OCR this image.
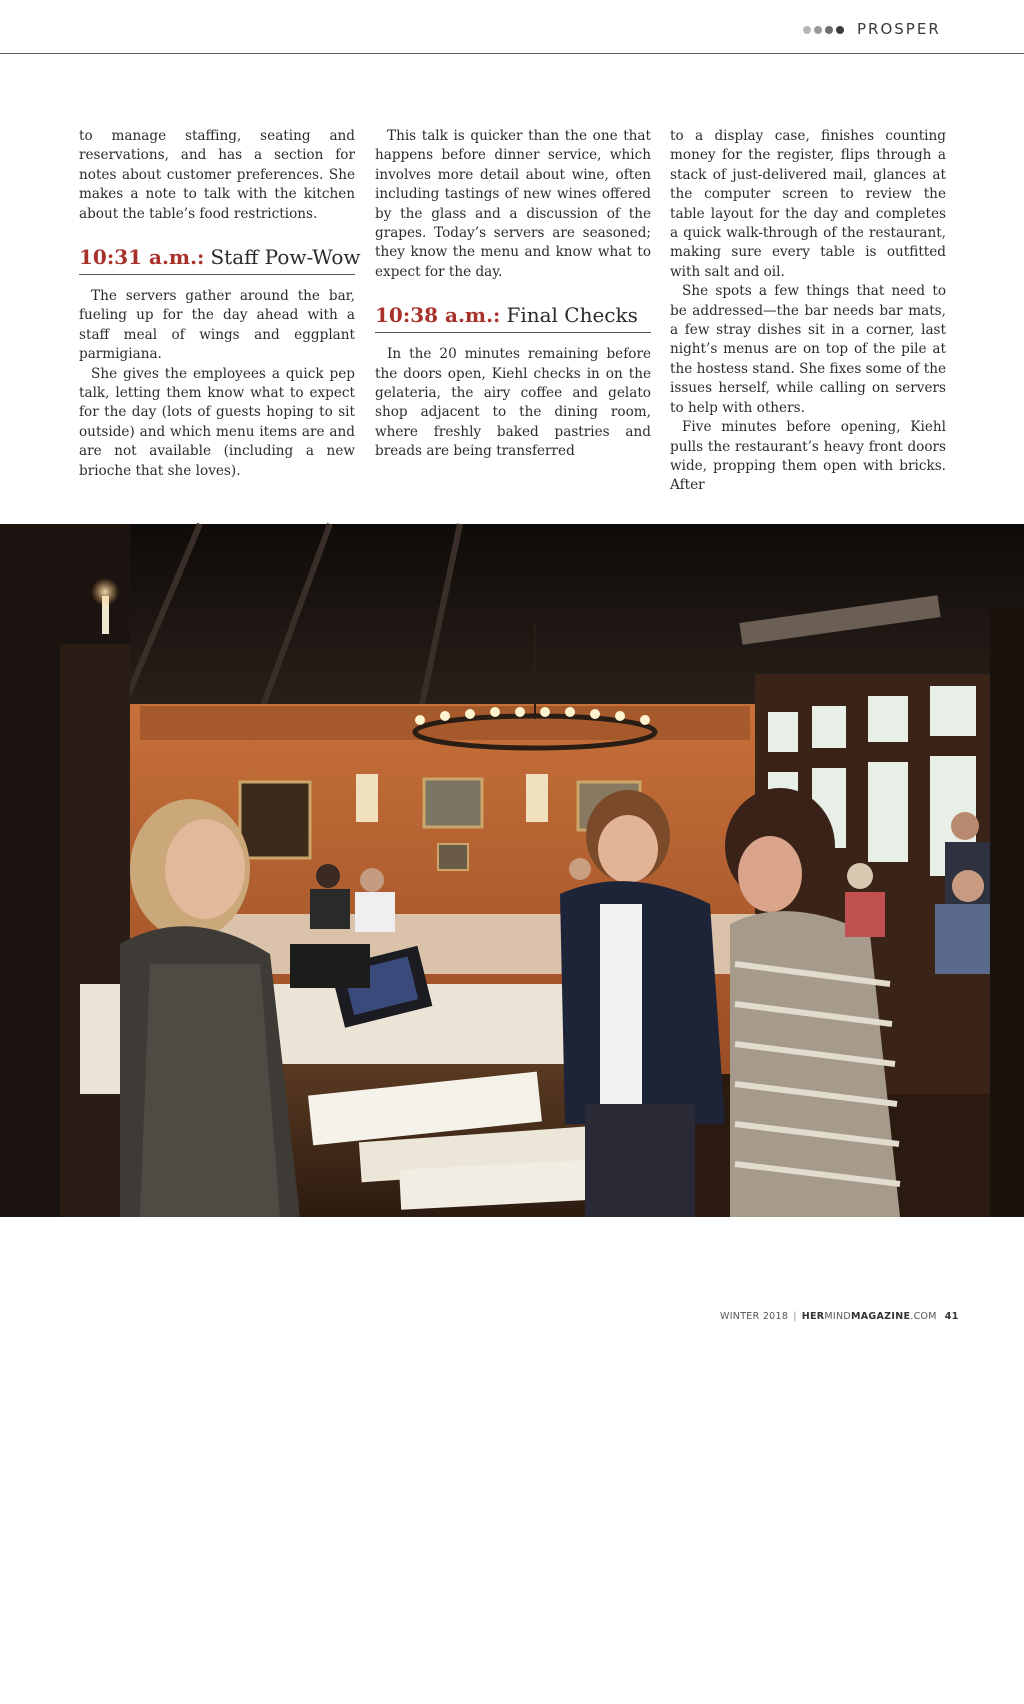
PROSPER

to manage staffing, seating and reservations, and has a section for notes about customer preferences. She makes a note to talk with the kitchen about the table’s food restrictions.

10:31 a.m.: Staff Pow-Wow

The servers gather around the bar, fueling up for the day ahead with a staff meal of wings and eggplant parmigiana.

She gives the employees a quick pep talk, letting them know what to expect for the day (lots of guests hoping to sit outside) and which menu items are and are not available (including a new brioche that she loves).

This talk is quicker than the one that happens before dinner service, which involves more detail about wine, often including tastings of new wines offered by the glass and a discussion of the grapes. Today’s servers are seasoned; they know the menu and know what to expect for the day.

10:38 a.m.: Final Checks

In the 20 minutes remaining before the doors open, Kiehl checks in on the gelateria, the airy coffee and gelato shop adjacent to the dining room, where freshly baked pastries and breads are being transferred

to a display case, finishes counting money for the register, flips through a stack of just-delivered mail, glances at the computer screen to review the table layout for the day and completes a quick walk-through of the restaurant, making sure every table is outfitted with salt and oil.

She spots a few things that need to be addressed—the bar needs bar mats, a few stray dishes sit in a corner, last night’s menus are on top of the pile at the hostess stand. She fixes some of the issues herself, while calling on servers to help with others.

Five minutes before opening, Kiehl pulls the restaurant’s heavy front doors wide, propping them open with bricks. After

Jennifer Kiehl, house manager of Lupa restaurant in Columbia, preps tables for diners and greets them as they come in during a recent lunch rush.
WINTER 2018 | HERMINDMAGAZINE.COM 41
